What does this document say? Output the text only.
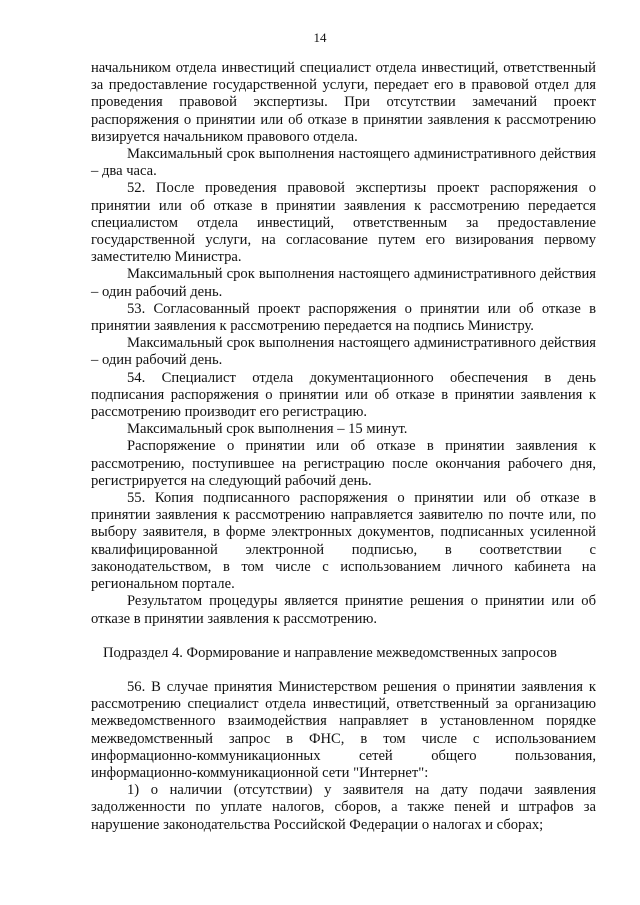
14

начальником отдела инвестиций специалист отдела инвестиций, ответственный за предоставление государственной услуги, передает его в правовой отдел для проведения правовой экспертизы. При отсутствии замечаний проект распоряжения о принятии или об отказе в принятии заявления к рассмотрению визируется начальником правового отдела.

Максимальный срок выполнения настоящего административного действия – два часа.

52. После проведения правовой экспертизы проект распоряжения о принятии или об отказе в принятии заявления к рассмотрению передается специалистом отдела инвестиций, ответственным за предоставление государственной услуги, на согласование путем его визирования первому заместителю Министра.

Максимальный срок выполнения настоящего административного действия – один рабочий день.

53. Согласованный проект распоряжения о принятии или об отказе в принятии заявления к рассмотрению передается на подпись Министру.

Максимальный срок выполнения настоящего административного действия – один рабочий день.

54. Специалист отдела документационного обеспечения в день подписания распоряжения о принятии или об отказе в принятии заявления к рассмотрению производит его регистрацию.

Максимальный срок выполнения – 15 минут.

Распоряжение о принятии или об отказе в принятии заявления к рассмотрению, поступившее на регистрацию после окончания рабочего дня, регистрируется на следующий рабочий день.

55. Копия подписанного распоряжения о принятии или об отказе в принятии заявления к рассмотрению направляется заявителю по почте или, по выбору заявителя, в форме электронных документов, подписанных усиленной квалифицированной электронной подписью, в соответствии с законодательством, в том числе с использованием личного кабинета на региональном портале.

Результатом процедуры является принятие решения о принятии или об отказе в принятии заявления к рассмотрению.

Подраздел 4. Формирование и направление межведомственных запросов

56. В случае принятия Министерством решения о принятии заявления к рассмотрению специалист отдела инвестиций, ответственный за организацию межведомственного взаимодействия направляет в установленном порядке межведомственный запрос в ФНС, в том числе с использованием информационно-коммуникационных сетей общего пользования, информационно-коммуникационной сети "Интернет":

1) о наличии (отсутствии) у заявителя на дату подачи заявления задолженности по уплате налогов, сборов, а также пеней и штрафов за нарушение законодательства Российской Федерации о налогах и сборах;
